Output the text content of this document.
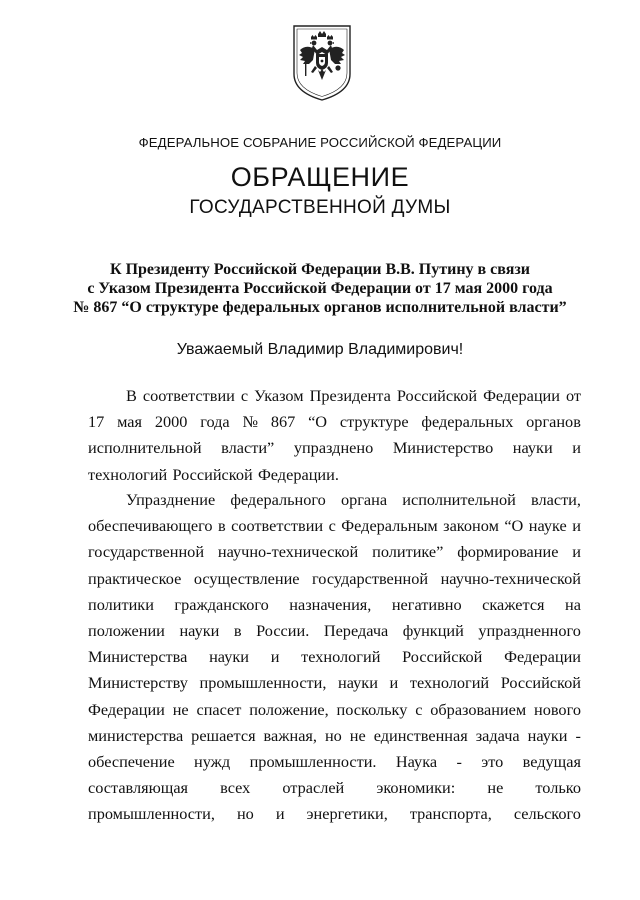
ФЕДЕРАЛЬНОЕ СОБРАНИЕ РОССИЙСКОЙ ФЕДЕРАЦИИ
ОБРАЩЕНИЕ
ГОСУДАРСТВЕННОЙ ДУМЫ
К Президенту Российской Федерации В.В. Путину в связи
с Указом Президента Российской Федерации от 17 мая 2000 года
№ 867 “О структуре федеральных органов исполнительной власти”
Уважаемый Владимир Владимирович!
В соответствии с Указом Президента Российской Федерации от
17 мая 2000 года № 867 “О структуре федеральных органов
исполнительной власти” упразднено Министерство науки и
технологий Российской Федерации.
Упразднение федерального органа исполнительной власти,
обеспечивающего в соответствии с Федеральным законом “О науке и
государственной научно-технической политике” формирование и
практическое осуществление государственной научно-технической
политики гражданского назначения, негативно скажется на
положении науки в России. Передача функций упраздненного
Министерства науки и технологий Российской Федерации
Министерству промышленности, науки и технологий Российской
Федерации не спасет положение, поскольку с образованием нового
министерства решается важная, но не единственная задача науки -
обеспечение нужд промышленности. Наука - это ведущая
составляющая всех отраслей экономики: не только
промышленности, но и энергетики, транспорта, сельского
